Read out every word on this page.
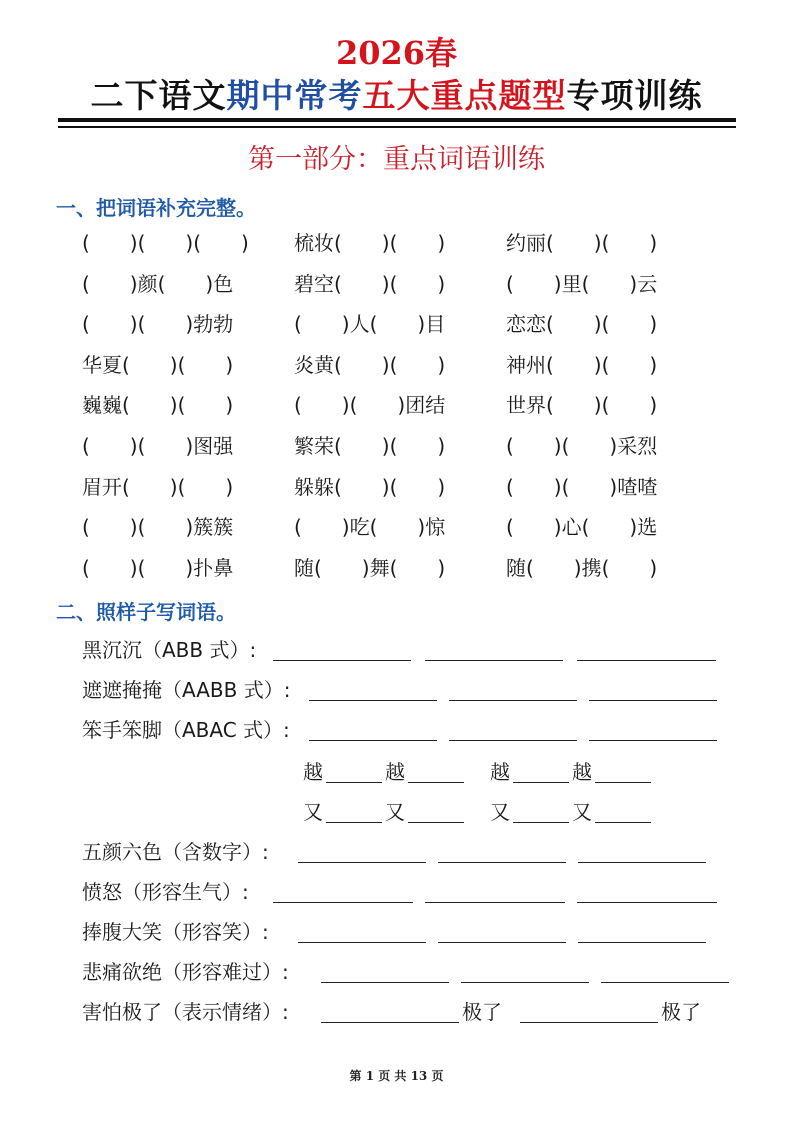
2026春
二下语文期中常考五大重点题型专项训练
第一部分：重点词语训练
一、把词语补充完整。
(　　)(　　)(　　) 梳妆(　　)(　　)	约丽(　　)(　　)
(　　)颜(　　)色	碧空(　　)(　　)	(　　)里(　　)云
(　　)(　　)勃勃	(　　)人(　　)目	恋恋(　　)(　　)
华夏(　　)(　　)	炎黄(　　)(　　)	神州(　　)(　　)
巍巍(　　)(　　)	(　　)(　　)团结	世界(　　)(　　)
(　　)(　　)图强	繁荣(　　)(　　)	(　　)(　　)采烈
眉开(　　)(　　)	躲躲(　　)(　　)	(　　)(　　)喳喳
(　　)(　　)簇簇	(　　)吃(　　)惊	(　　)心(　　)选
(　　)(　　)扑鼻	随(　　)舞(　　)	随(　　)携(　　)
二、照样子写词语。
黑沉沉（ABB 式）:
遮遮掩掩（AABB 式）:
笨手笨脚（ABAC 式）:
越	越	越	越
又	又	又	又
五颜六色（含数字）:
愤怒（形容生气）:
捧腹大笑（形容笑）:
悲痛欲绝（形容难过）:
害怕极了（表示情绪）:	极了	极了
第 1 页 共 13 页
